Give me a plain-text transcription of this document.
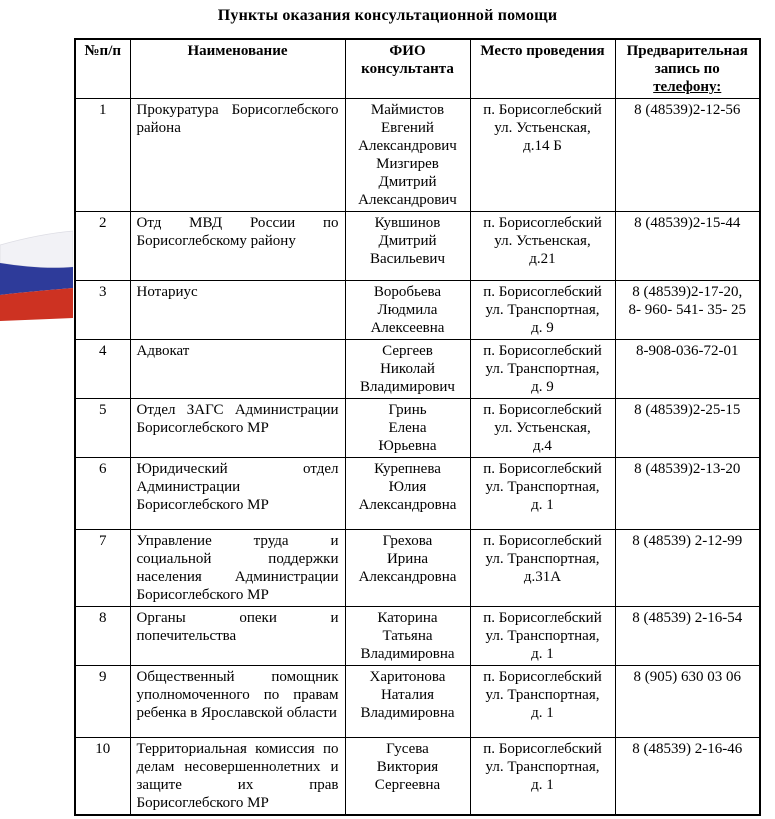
Пункты оказания консультационной помощи
№п/п	Наименование	ФИО консультанта	Место проведения	Предварительная запись по телефону:
1	Прокуратура Борисоглебского района	Маймистов
Евгений
Александрович
Мизгирев
Дмитрий
Александрович	п. Борисоглебский
ул. Устьенская,
д.14 Б	8 (48539)2-12-56
2	Отд МВД России по Борисоглебскому району	Кувшинов
Дмитрий
Васильевич	п. Борисоглебский
ул. Устьенская,
д.21	8 (48539)2-15-44
3	Нотариус	Воробьева
Людмила
Алексеевна	п. Борисоглебский
ул. Транспортная,
д. 9	8 (48539)2-17-20,
8- 960- 541- 35- 25
4	Адвокат	Сергеев
Николай
Владимирович	п. Борисоглебский
ул. Транспортная,
д. 9	8-908-036-72-01
5	Отдел ЗАГС Администрации Борисоглебского МР	Гринь
Елена
Юрьевна	п. Борисоглебский
ул. Устьенская,
д.4	8 (48539)2-25-15
6	Юридический отдел Администрации Борисоглебского МР	Курепнева
Юлия
Александровна	п. Борисоглебский
ул. Транспортная,
д. 1	8 (48539)2-13-20
7	Управление труда и социальной поддержки населения Администрации Борисоглебского МР	Грехова
Ирина
Александровна	п. Борисоглебский
ул. Транспортная,
д.31А	8 (48539) 2-12-99
8	Органы опеки и попечительства	Каторина
Татьяна
Владимировна	п. Борисоглебский
ул. Транспортная,
д. 1	8 (48539) 2-16-54
9	Общественный помощник уполномоченного по правам ребенка в Ярославской области	Харитонова
Наталия
Владимировна	п. Борисоглебский
ул. Транспортная,
д. 1	8 (905) 630 03 06
10	Территориальная комиссия по делам несовершеннолетних и защите их прав Борисоглебского МР	Гусева
Виктория
Сергеевна	п. Борисоглебский
ул. Транспортная,
д. 1	8 (48539) 2-16-46
